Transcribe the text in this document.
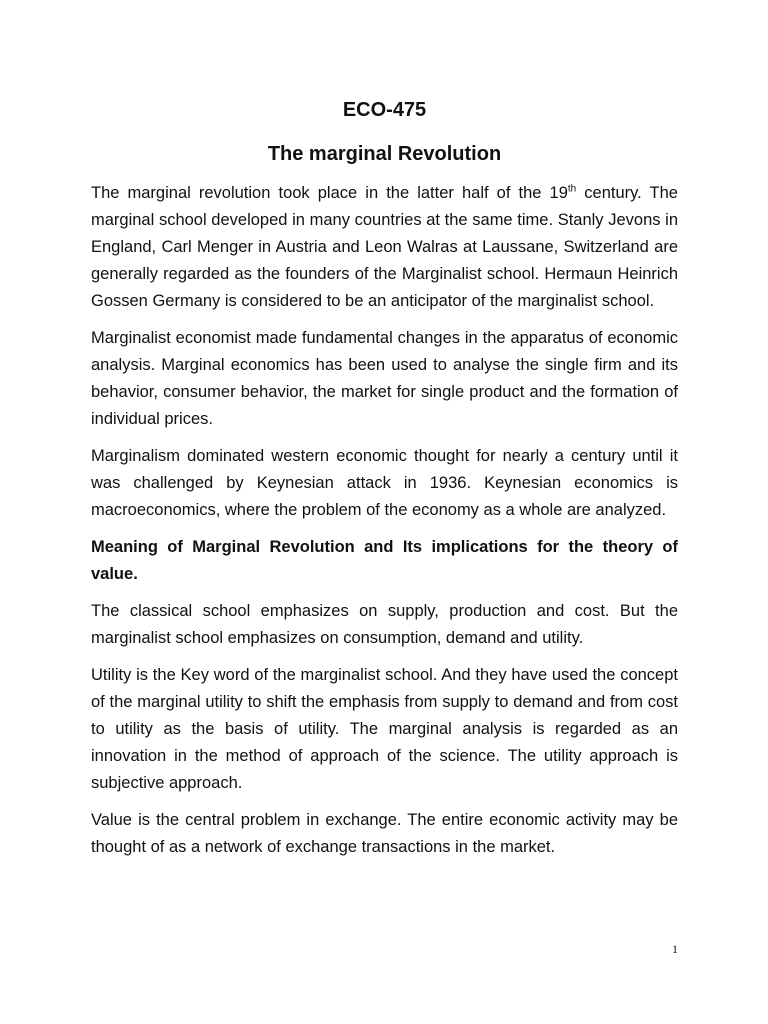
ECO-475
The marginal Revolution

The marginal revolution took place in the latter half of the 19th century. The marginal school developed in many countries at the same time. Stanly Jevons in England, Carl Menger in Austria and Leon Walras at Laussane, Switzerland are generally regarded as the founders of the Marginalist school. Hermaun Heinrich Gossen Germany is considered to be an anticipator of the marginalist school.

Marginalist economist made fundamental changes in the apparatus of economic analysis. Marginal economics has been used to analyse the single firm and its behavior, consumer behavior, the market for single product and the formation of individual prices.

Marginalism dominated western economic thought for nearly a century until it was challenged by Keynesian attack in 1936. Keynesian economics is macroeconomics, where the problem of the economy as a whole are analyzed.

Meaning of Marginal Revolution and Its implications for the theory of value.

The classical school emphasizes on supply, production and cost. But the marginalist school emphasizes on consumption, demand and utility.

Utility is the Key word of the marginalist school. And they have used the concept of the marginal utility to shift the emphasis from supply to demand and from cost to utility as the basis of utility. The marginal analysis is regarded as an innovation in the method of approach of the science. The utility approach is subjective approach.

Value is the central problem in exchange. The entire economic activity may be thought of as a network of exchange transactions in the market.

1
